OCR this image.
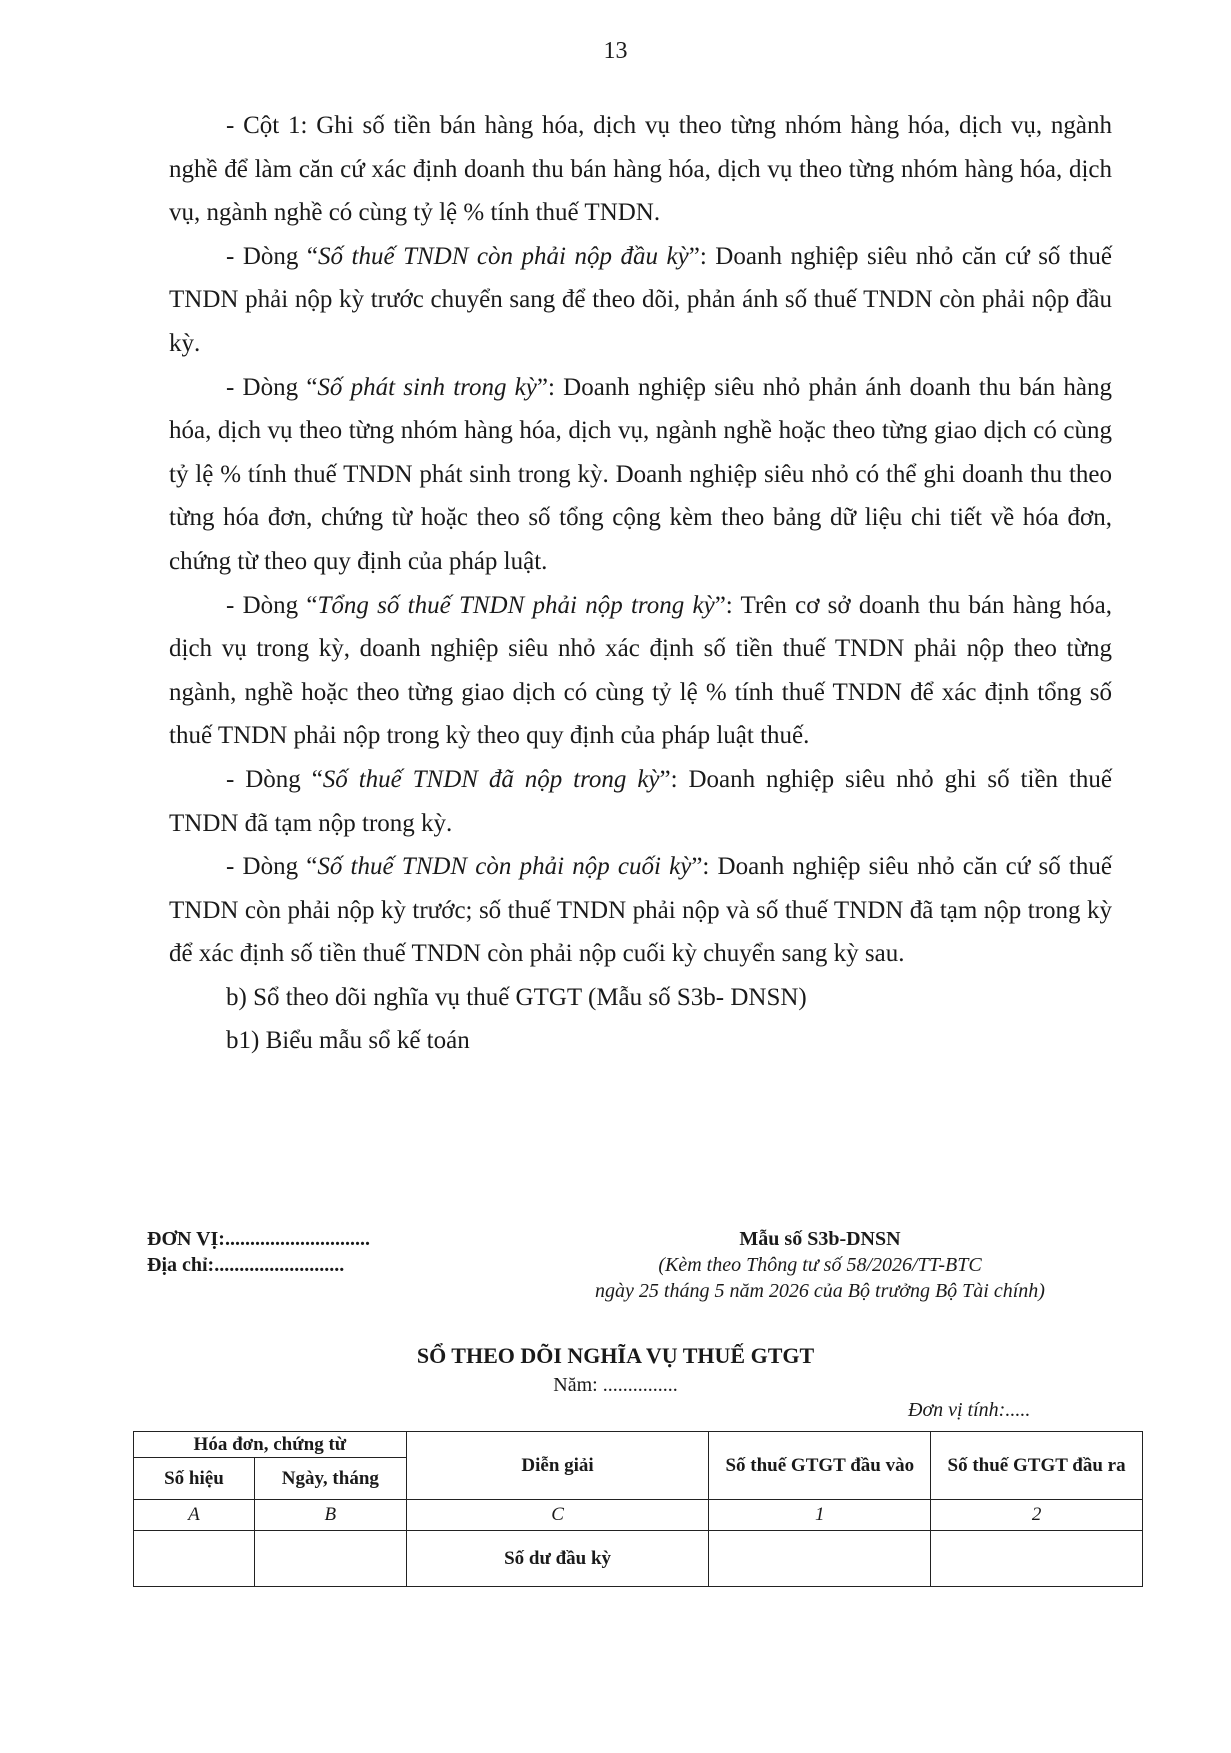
13

- Cột 1: Ghi số tiền bán hàng hóa, dịch vụ theo từng nhóm hàng hóa, dịch vụ, ngành nghề để làm căn cứ xác định doanh thu bán hàng hóa, dịch vụ theo từng nhóm hàng hóa, dịch vụ, ngành nghề có cùng tỷ lệ % tính thuế TNDN.

- Dòng “Số thuế TNDN còn phải nộp đầu kỳ”: Doanh nghiệp siêu nhỏ căn cứ số thuế TNDN phải nộp kỳ trước chuyển sang để theo dõi, phản ánh số thuế TNDN còn phải nộp đầu kỳ.

- Dòng “Số phát sinh trong kỳ”: Doanh nghiệp siêu nhỏ phản ánh doanh thu bán hàng hóa, dịch vụ theo từng nhóm hàng hóa, dịch vụ, ngành nghề hoặc theo từng giao dịch có cùng tỷ lệ % tính thuế TNDN phát sinh trong kỳ. Doanh nghiệp siêu nhỏ có thể ghi doanh thu theo từng hóa đơn, chứng từ hoặc theo số tổng cộng kèm theo bảng dữ liệu chi tiết về hóa đơn, chứng từ theo quy định của pháp luật.

- Dòng “Tổng số thuế TNDN phải nộp trong kỳ”: Trên cơ sở doanh thu bán hàng hóa, dịch vụ trong kỳ, doanh nghiệp siêu nhỏ xác định số tiền thuế TNDN phải nộp theo từng ngành, nghề hoặc theo từng giao dịch có cùng tỷ lệ % tính thuế TNDN để xác định tổng số thuế TNDN phải nộp trong kỳ theo quy định của pháp luật thuế.

- Dòng “Số thuế TNDN đã nộp trong kỳ”: Doanh nghiệp siêu nhỏ ghi số tiền thuế TNDN đã tạm nộp trong kỳ.

- Dòng “Số thuế TNDN còn phải nộp cuối kỳ”: Doanh nghiệp siêu nhỏ căn cứ số thuế TNDN còn phải nộp kỳ trước; số thuế TNDN phải nộp và số thuế TNDN đã tạm nộp trong kỳ để xác định số tiền thuế TNDN còn phải nộp cuối kỳ chuyển sang kỳ sau.

b) Sổ theo dõi nghĩa vụ thuế GTGT (Mẫu số S3b- DNSN)

b1) Biểu mẫu sổ kế toán

ĐƠN VỊ:.............................
Địa chỉ:..........................
Mẫu số S3b-DNSN
(Kèm theo Thông tư số 58/2026/TT-BTC
ngày 25 tháng 5 năm 2026 của Bộ trưởng Bộ Tài chính)
SỔ THEO DÕI NGHĨA VỤ THUẾ GTGT
Năm: ...............
Đơn vị tính:.....
Hóa đơn, chứng từ		Diễn giải	Số thuế GTGT đầu vào	Số thuế GTGT đầu ra
Số hiệu	Ngày, tháng			
A	B	C	1	2
		Số dư đầu kỳ		
